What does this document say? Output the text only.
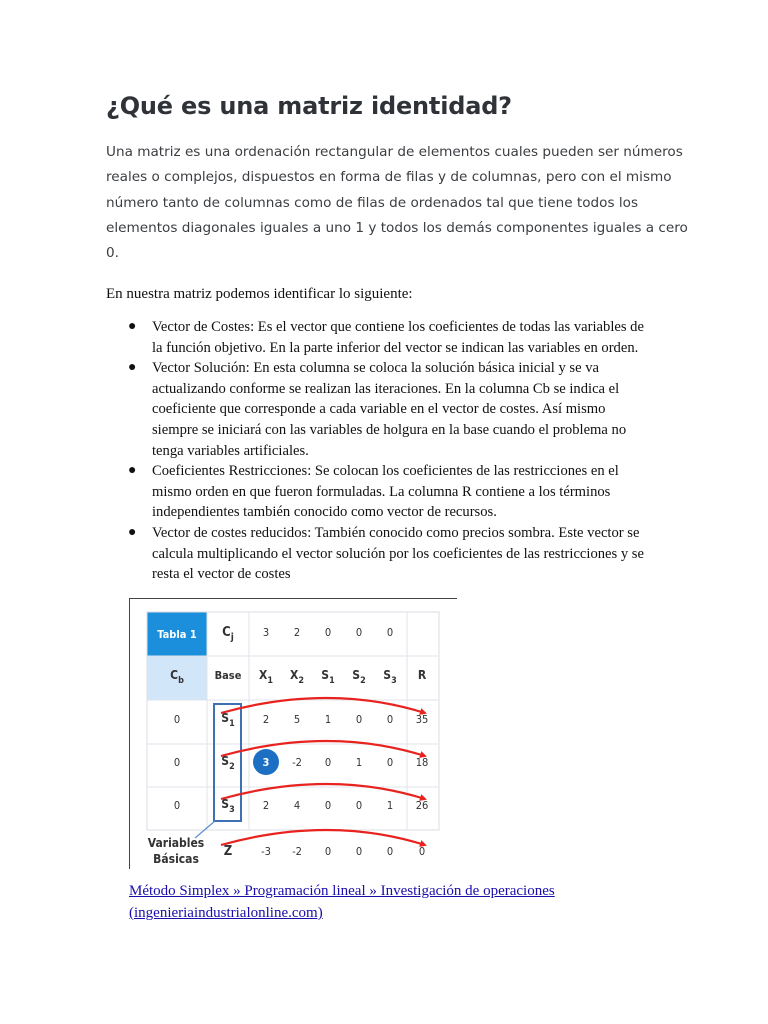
¿Qué es una matriz identidad?
Una matriz es una ordenación rectangular de elementos cuales pueden ser números
reales o complejos, dispuestos en forma de filas y de columnas, pero con el mismo
número tanto de columnas como de filas de ordenados tal que tiene todos los
elementos diagonales iguales a uno 1 y todos los demás componentes iguales a cero
0.
En nuestra matriz podemos identificar lo siguiente:
● Vector de Costes: Es el vector que contiene los coeficientes de todas las variables de
la función objetivo. En la parte inferior del vector se indican las variables en orden.
● Vector Solución: En esta columna se coloca la solución básica inicial y se va
actualizando conforme se realizan las iteraciones. En la columna Cb se indica el
coeficiente que corresponde a cada variable en el vector de costes. Así mismo
siempre se iniciará con las variables de holgura en la base cuando el problema no
tenga variables artificiales.
● Coeficientes Restricciones: Se colocan los coeficientes de las restricciones en el
mismo orden en que fueron formuladas. La columna R contiene a los términos
independientes también conocido como vector de recursos.
● Vector de costes reducidos: También conocido como precios sombra. Este vector se
calcula multiplicando el vector solución por los coeficientes de las restricciones y se
resta el vector de costes
Tabla 1 $C_j$	3 2 0 0 0
$C_b$	Base $X_1$ $X_2$ $S_1$ $S_2$ $S_3$ R
0	$S_1$	2 5 1 0 0 35
0	$S_2$	3 -2 0 1 0 18
0	$S_3$	2 4 0 0 1 26
Z	-3 -2 0 0 0 0
Variables
Básicas
Método Simplex » Programación lineal » Investigación de operaciones
(ingenieriaindustrialonline.com)
